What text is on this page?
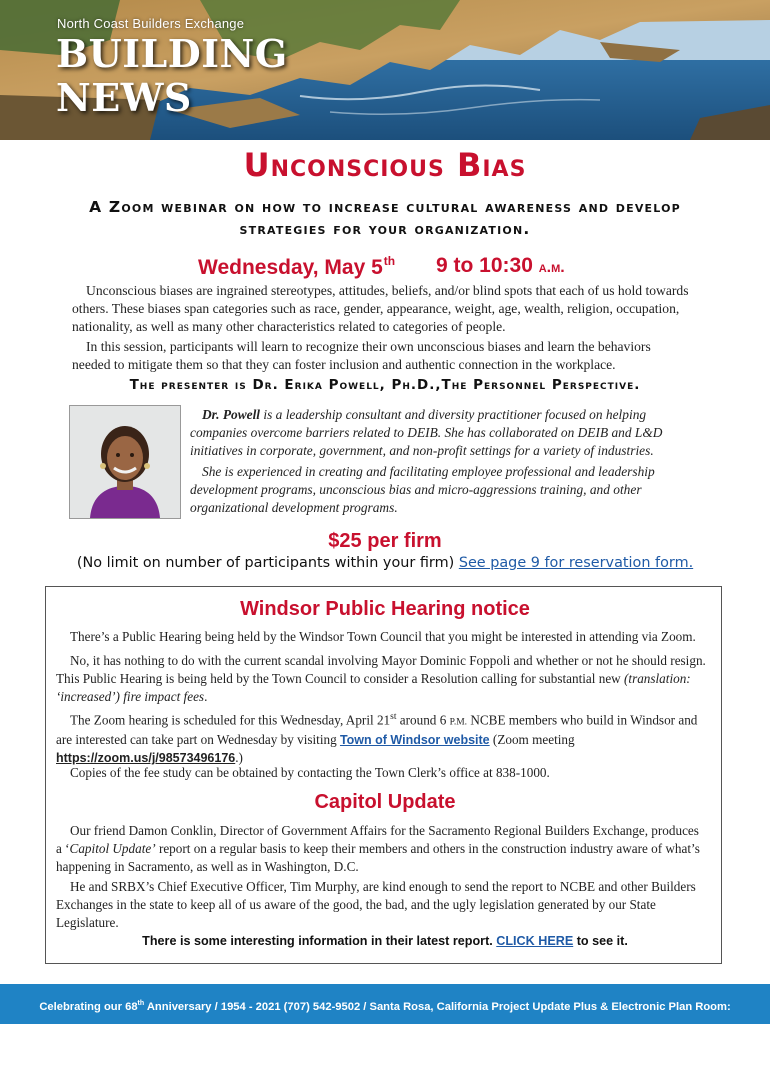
North Coast Builders Exchange
BUILDING
NEWS
Unconscious Bias
A Zoom webinar on how to increase cultural awareness and develop strategies for your organization.
Wednesday, May 5th 9 to 10:30 a.m.

Unconscious biases are ingrained stereotypes, attitudes, beliefs, and/or blind spots that each of us hold towards others. These biases span categories such as race, gender, appearance, weight, age, wealth, religion, occupation, nationality, as well as many other characteristics related to categories of people.

In this session, participants will learn to recognize their own unconscious biases and learn the behaviors needed to mitigate them so that they can foster inclusion and authentic connection in the workplace.

The presenter is Dr. Erika Powell, Ph.D.,The Personnel Perspective.

Dr. Powell is a leadership consultant and diversity practitioner focused on helping companies overcome barriers related to DEIB. She has collaborated on DEIB and L&D initiatives in corporate, government, and non-profit settings for a variety of industries.

She is experienced in creating and facilitating employee professional and leadership development programs, unconscious bias and micro-aggressions training, and other organizational development programs.

$25 per firm
(No limit on number of participants within your firm) See page 9 for reservation form.
Windsor Public Hearing notice

There’s a Public Hearing being held by the Windsor Town Council that you might be interested in attending via Zoom.

No, it has nothing to do with the current scandal involving Mayor Dominic Foppoli and whether or not he should resign. This Public Hearing is being held by the Town Council to consider a Resolution calling for substantial new (translation: ‘increased’) fire impact fees.

The Zoom hearing is scheduled for this Wednesday, April 21st around 6 P.M. NCBE members who build in Windsor and are interested can take part on Wednesday by visiting Town of Windsor website (Zoom meeting https://zoom.us/j/98573496176.)

Copies of the fee study can be obtained by contacting the Town Clerk’s office at 838-1000.

Capitol Update

Our friend Damon Conklin, Director of Government Affairs for the Sacramento Regional Builders Exchange, produces a ‘Capitol Update’ report on a regular basis to keep their members and others in the construction industry aware of what’s happening in Sacramento, as well as in Washington, D.C.

He and SRBX’s Chief Executive Officer, Tim Murphy, are kind enough to send the report to NCBE and other Builders Exchanges in the state to keep all of us aware of the good, the bad, and the ugly legislation generated by our State Legislature.

There is some interesting information in their latest report. CLICK HERE to see it.
Celebrating our 68th Anniversary / 1954 - 2021 (707) 542-9502 / Santa Rosa, California Project Update Plus & Electronic Plan Room: www.ncbeonline.com
